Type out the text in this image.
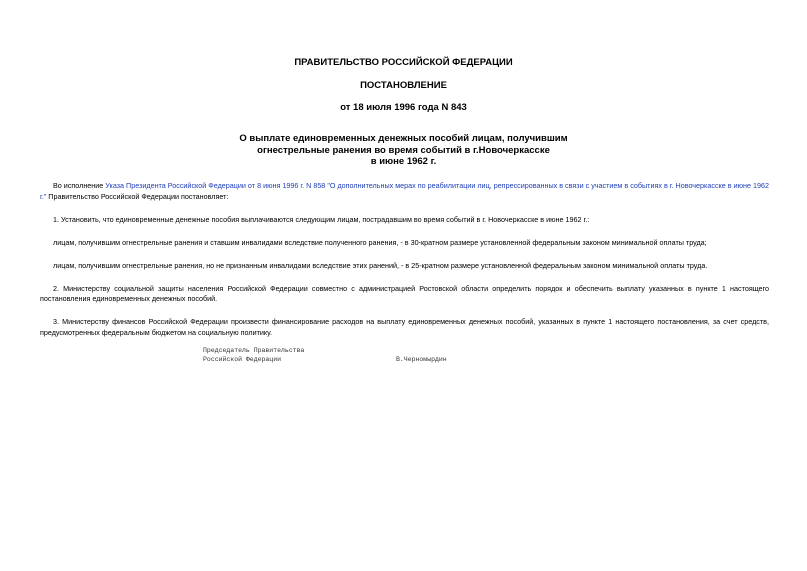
ПРАВИТЕЛЬСТВО РОССИЙСКОЙ ФЕДЕРАЦИИ
ПОСТАНОВЛЕНИЕ
от 18 июля 1996 года N 843
О выплате единовременных денежных пособий лицам, получившим
огнестрельные ранения во время событий в г.Новочеркасске
в июне 1962 г.

Во исполнение Указа Президента Российской Федерации от 8 июня 1996 г. N 858 "О дополнительных мерах по реабилитации лиц, репрессированных в связи с участием в событиях в г. Новочеркасске в июне 1962 г." Правительство Российской Федерации постановляет:

1. Установить, что единовременные денежные пособия выплачиваются следующим лицам, пострадавшим во время событий в г. Новочеркасске в июне 1962 г.:

лицам, получившим огнестрельные ранения и ставшим инвалидами вследствие полученного ранения, - в 30-кратном размере установленной федеральным законом минимальной оплаты труда;

лицам, получившим огнестрельные ранения, но не признанным инвалидами вследствие этих ранений, - в 25-кратном размере установленной федеральным законом минимальной оплаты труда.

2. Министерству социальной защиты населения Российской Федерации совместно с администрацией Ростовской области определить порядок и обеспечить выплату указанных в пункте 1 настоящего постановления единовременных денежных пособий.

3. Министерству финансов Российской Федерации произвести финансирование расходов на выплату единовременных денежных пособий, указанных в пункте 1 настоящего постановления, за счет средств, предусмотренных федеральным бюджетом на социальную политику.

Председатель Правительства
Российской Федерации	В.Черномырдин
